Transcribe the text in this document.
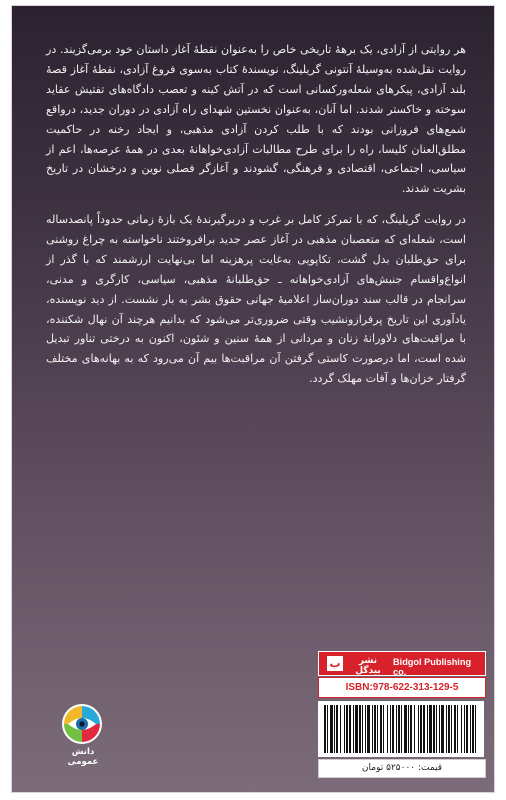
هر روایتی از آزادی، یک برهۀ تاریخی خاص را به‌عنوان نقطۀ آغاز داستان خود برمی‌گزیند. در روایت نقل‌شده به‌وسیلۀ آنتونی گریلینگ، نویسندۀ کتاب به‌سوی فروغ آزادی، نقطۀ آغاز قصۀ بلند آزادی، پیکرهای شعله‌ورکسانی است که در آتش کینه و تعصب دادگاه‌های تفتیش عقاید سوخته و خاکستر شدند. اما آنان، به‌عنوان نخستین شهدای راه آزادی در دوران جدید، درواقع شمع‌های فروزانی بودند که با طلب کردن آزادی مذهبی، و ایجاد رخنه در حاکمیت مطلق‌العنان کلیسا، راه را برای طرح مطالبات آزادی‌خواهانۀ بعدی در همۀ عرصه‌ها، اعم از سیاسی، اجتماعی، اقتصادی و فرهنگی، گشودند و آغازگر فصلی نوین و درخشان در تاریخ بشریت شدند.
در روایت گریلینگ، که با تمرکز کامل بر غرب و دربرگیرندۀ یک بازۀ زمانی حدوداً پانصدساله است، شعله‌ای که متعصبان مذهبی در آغاز عصر جدید برافروختند ناخواسته به چراغ روشنی برای حق‌طلبان بدل گشت، تکاپویی به‌غایت پرهزینه اما بی‌نهایت ارزشمند که با گذر از انواع‌واقسام جنبش‌های آزادی‌خواهانه ـ حق‌طلبانۀ مذهبی، سیاسی، کارگری و مدنی، سرانجام در قالب سند دوران‌ساز اعلامیۀ جهانی حقوق بشر به بار نشست. از دید نویسنده، یادآوری این تاریخ پرفرازونشیب وقتی ضروری‌تر می‌شود که بدانیم هرچند آن نهال شکننده، با مراقبت‌های دلاورانۀ زنان و مردانی از همۀ سنین و شئون، اکنون به درختی تناور تبدیل شده است، اما درصورت کاستی گرفتن آن مراقبت‌ها بیم آن می‌رود که به بهانه‌های مختلف گرفتار خزان‌ها و آفات مهلک گردد.
دانش عمومی
ب	نشر بیدگل
Bidgol Publishing co.
ISBN:978-622-313-129-5
قیمت: ۵۲۵۰۰۰ تومان
